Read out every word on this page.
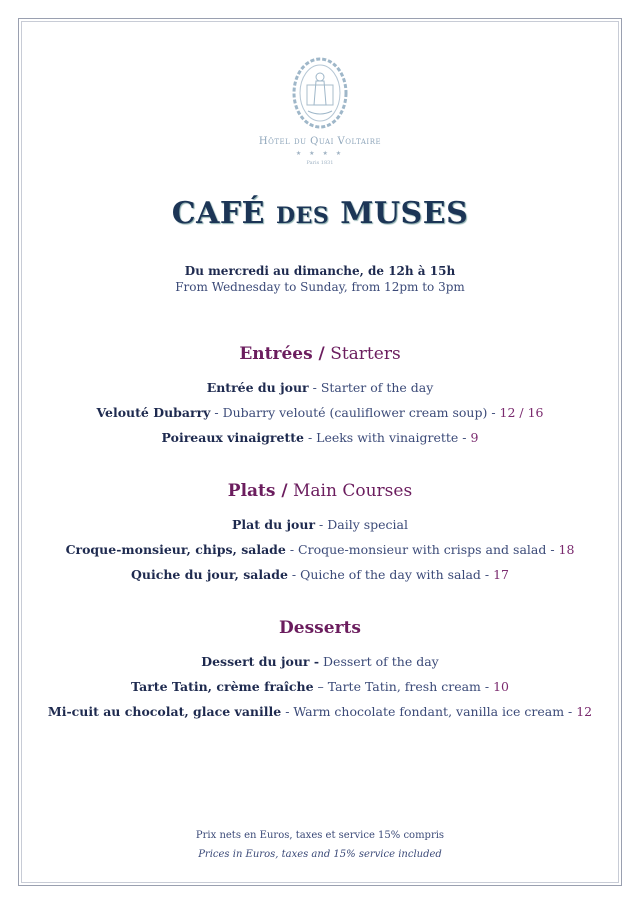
Hôtel du Quai Voltaire
★ ★ ★ ★
Paris 1831
CAFÉ DES MUSES
Du mercredi au dimanche, de 12h à 15h
From Wednesday to Sunday, from 12pm to 3pm
Entrées / Starters
Entrée du jour - Starter of the day
Velouté Dubarry - Dubarry velouté (cauliflower cream soup) - 12 / 16
Poireaux vinaigrette - Leeks with vinaigrette - 9
Plats / Main Courses
Plat du jour - Daily special
Croque-monsieur, chips, salade - Croque-monsieur with crisps and salad - 18
Quiche du jour, salade - Quiche of the day with salad - 17
Desserts
Dessert du jour - Dessert of the day
Tarte Tatin, crème fraîche – Tarte Tatin, fresh cream - 10
Mi-cuit au chocolat, glace vanille - Warm chocolate fondant, vanilla ice cream - 12
Prix nets en Euros, taxes et service 15% compris
Prices in Euros, taxes and 15% service included
